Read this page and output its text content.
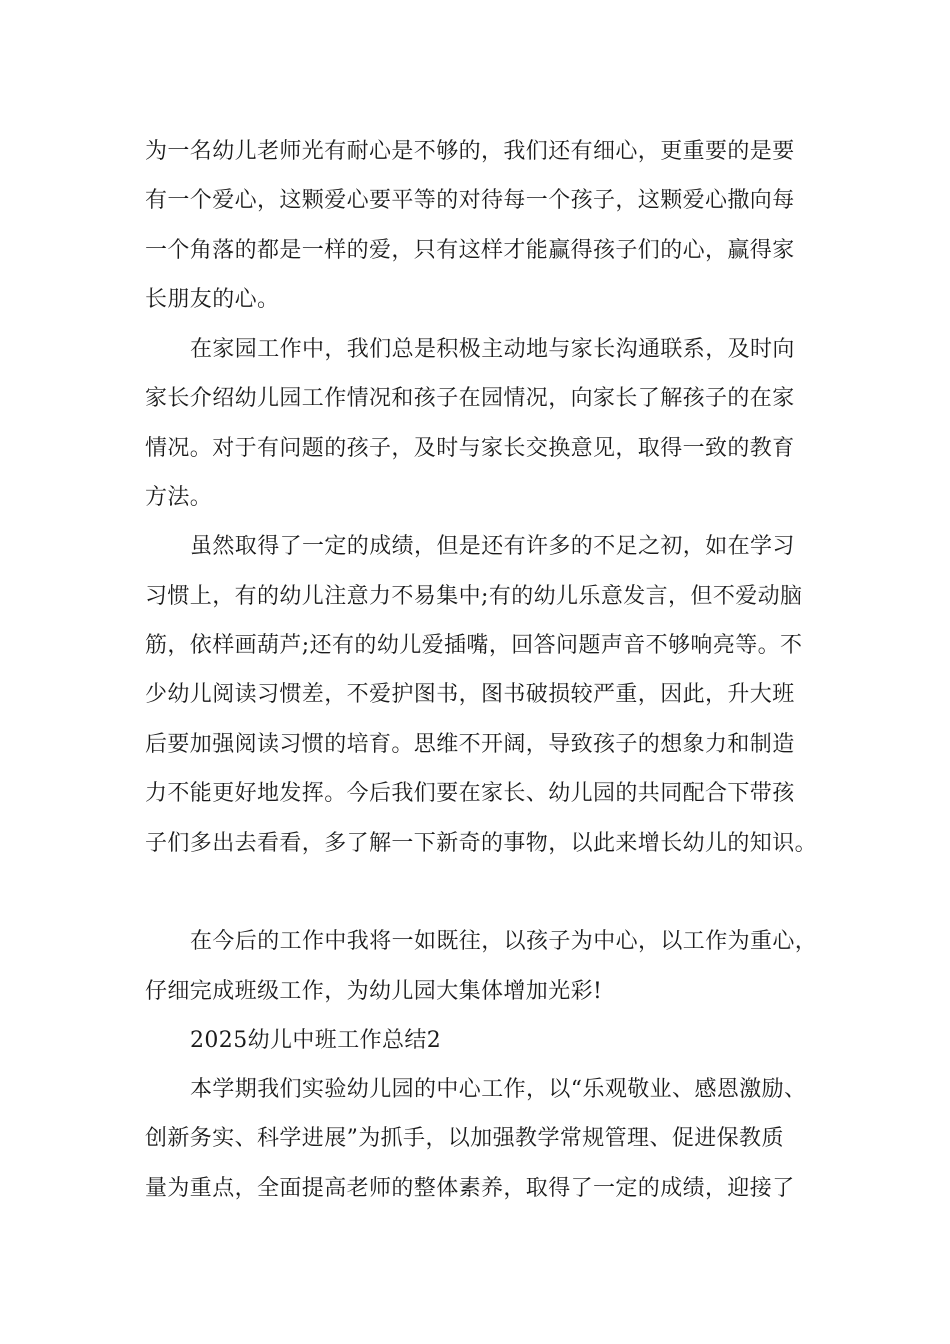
为一名幼儿老师光有耐心是不够的，我们还有细心，更重要的是要
有一个爱心，这颗爱心要平等的对待每一个孩子，这颗爱心撒向每
一个角落的都是一样的爱，只有这样才能赢得孩子们的心，赢得家
长朋友的心。
在家园工作中，我们总是积极主动地与家长沟通联系，及时向
家长介绍幼儿园工作情况和孩子在园情况，向家长了解孩子的在家
情况。对于有问题的孩子，及时与家长交换意见，取得一致的教育
方法。
虽然取得了一定的成绩，但是还有许多的不足之初，如在学习
习惯上，有的幼儿注意力不易集中;有的幼儿乐意发言，但不爱动脑
筋，依样画葫芦;还有的幼儿爱插嘴，回答问题声音不够响亮等。不
少幼儿阅读习惯差，不爱护图书，图书破损较严重，因此，升大班
后要加强阅读习惯的培育。思维不开阔，导致孩子的想象力和制造
力不能更好地发挥。今后我们要在家长、幼儿园的共同配合下带孩
子们多出去看看，多了解一下新奇的事物，以此来增长幼儿的知识。
在今后的工作中我将一如既往，以孩子为中心，以工作为重心，
仔细完成班级工作，为幼儿园大集体增加光彩!
2025幼儿中班工作总结2
本学期我们实验幼儿园的中心工作，以“乐观敬业、感恩激励、
创新务实、科学进展”为抓手，以加强教学常规管理、促进保教质
量为重点，全面提高老师的整体素养，取得了一定的成绩，迎接了
